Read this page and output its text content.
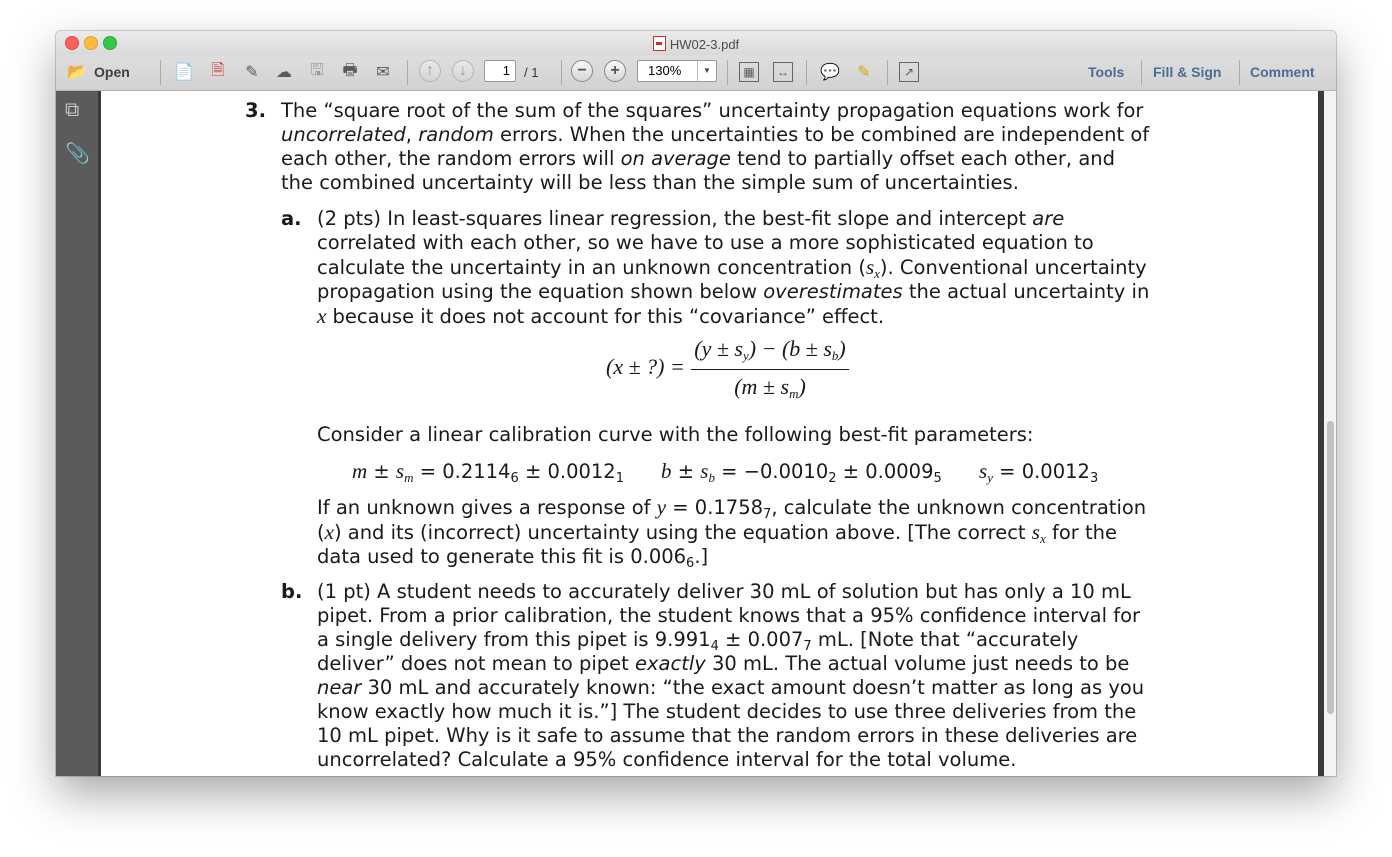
HW02-3.pdf
📂 Open	📄 🗎 ✎ ☁ 🖫 🖶 ✉	↑	↓	1	/ 1	−	+	130%	▼	▦	↔ 💬 ✎	↗	Tools Fill & Sign Comment
⧉
📎
3. The “square root of the sum of the squares” uncertainty propagation equations work for
uncorrelated, random errors. When the uncertainties to be combined are independent of
each other, the random errors will on average tend to partially offset each other, and
the combined uncertainty will be less than the simple sum of uncertainties.
a. (2 pts) In least-squares linear regression, the best-fit slope and intercept are
correlated with each other, so we have to use a more sophisticated equation to
calculate the uncertainty in an unknown concentration $(s_x)$. Conventional uncertainty
propagation using the equation shown below overestimates the actual uncertainty in
x because it does not account for this “covariance” effect.
(x ± ?) =
$(y \pm s_y) - (b \pm s_b)$
$(m \pm s_m)$
Consider a linear calibration curve with the following best-fit parameters:
$m \pm s_m = 0.2114_6 \pm 0.0012_1$ $b \pm s_b = -0.0010_2 \pm 0.0009_5$ $s_y = 0.0012_3$
If an unknown gives a response of $y = 0.1758_7$, calculate the unknown concentration
(x) and its (incorrect) uncertainty using the equation above. [The correct $s_x$ for the
data used to generate this fit is $0.006_6$.]
b. (1 pt) A student needs to accurately deliver 30 mL of solution but has only a 10 mL
pipet. From a prior calibration, the student knows that a 95% confidence interval for
a single delivery from this pipet is $9.991_4 \pm 0.007_7$ mL. [Note that “accurately
deliver” does not mean to pipet exactly 30 mL. The actual volume just needs to be
near 30 mL and accurately known: “the exact amount doesn’t matter as long as you
know exactly how much it is.”] The student decides to use three deliveries from the
10 mL pipet. Why is it safe to assume that the random errors in these deliveries are
uncorrelated? Calculate a 95% confidence interval for the total volume.
